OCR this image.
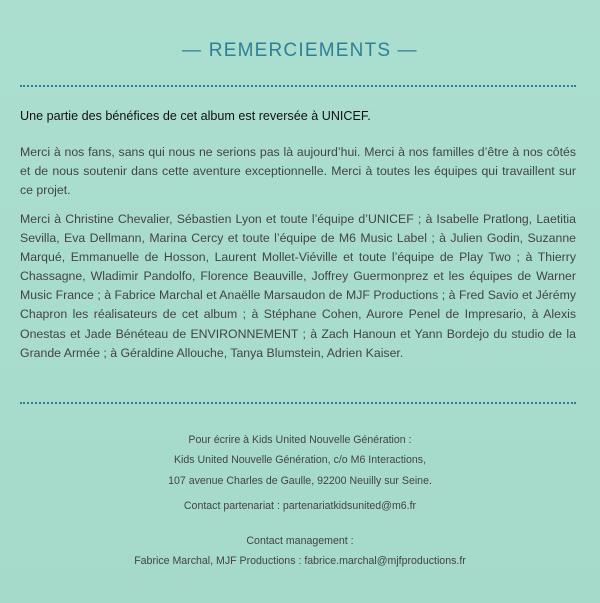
— REMERCIEMENTS —
Une partie des bénéfices de cet album est reversée à UNICEF.
Merci à nos fans, sans qui nous ne serions pas là aujourd’hui. Merci à nos familles d’être à nos côtés et de nous soutenir dans cette aventure exceptionnelle. Merci à toutes les équipes qui travaillent sur ce projet.
Merci à Christine Chevalier, Sébastien Lyon et toute l’équipe d’UNICEF ; à Isabelle Pratlong, Laetitia Sevilla, Eva Dellmann, Marina Cercy et toute l’équipe de M6 Music Label ; à Julien Godin, Suzanne Marqué, Emmanuelle de Hosson, Laurent Mollet-Viéville et toute l’équipe de Play Two ; à Thierry Chassagne, Wladimir Pandolfo, Florence Beauville, Joffrey Guermonprez et les équipes de Warner Music France ; à Fabrice Marchal et Anaëlle Marsaudon de MJF Productions ; à Fred Savio et Jérémy Chapron les réalisateurs de cet album ; à Stéphane Cohen, Aurore Penel de Impresario, à Alexis Onestas et Jade Bénéteau de ENVIRONNEMENT ; à Zach Hanoun et Yann Bordejo du studio de la Grande Armée ; à Géraldine Allouche, Tanya Blumstein, Adrien Kaiser.
Pour écrire à Kids United Nouvelle Génération :
Kids United Nouvelle Génération, c/o M6 Interactions,
107 avenue Charles de Gaulle, 92200 Neuilly sur Seine.
Contact partenariat : partenariatkidsunited@m6.fr
Contact management :
Fabrice Marchal, MJF Productions : fabrice.marchal@mjfproductions.fr
